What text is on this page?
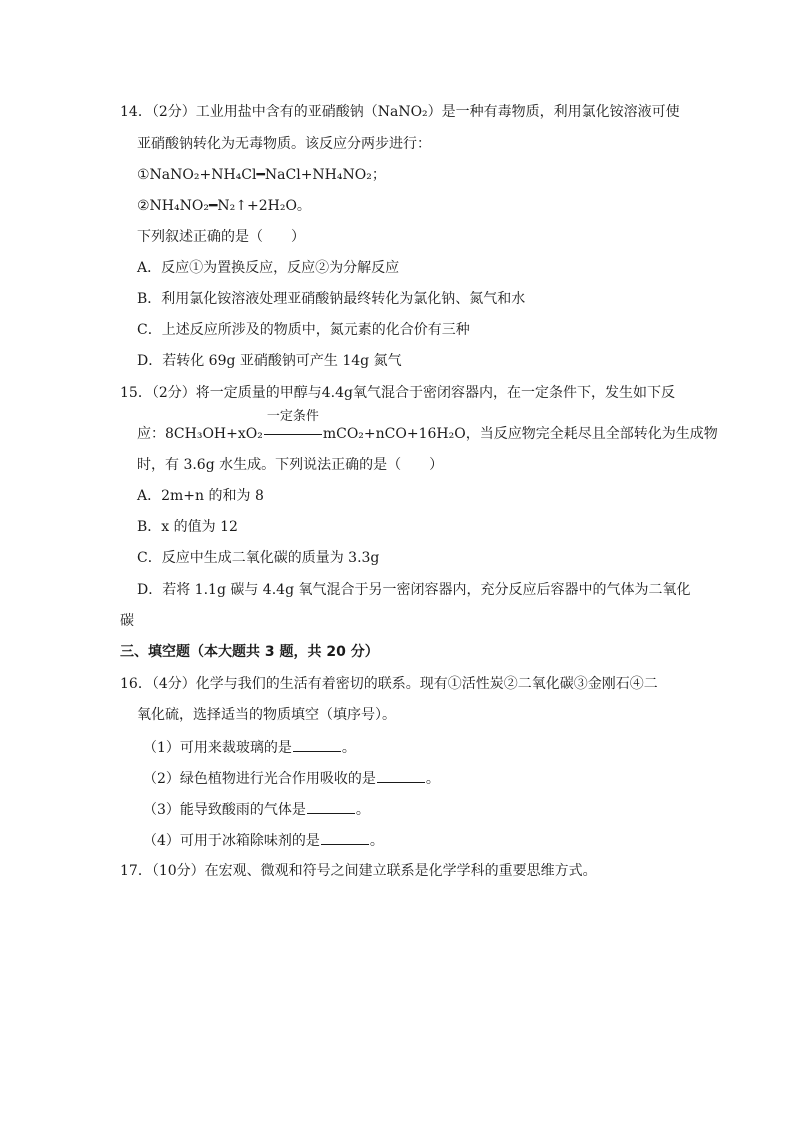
14．（2分）工业用盐中含有的亚硝酸钠（NaNO₂）是一种有毒物质，利用氯化铵溶液可使
亚硝酸钠转化为无毒物质。该反应分两步进行：
①NaNO₂+NH₄Cl━NaCl+NH₄NO₂；
②NH₄NO₂━N₂↑+2H₂O。
下列叙述正确的是（　　）
A．反应①为置换反应，反应②为分解反应
B．利用氯化铵溶液处理亚硝酸钠最终转化为氯化钠、氮气和水
C．上述反应所涉及的物质中，氮元素的化合价有三种
D．若转化 69g 亚硝酸钠可产生 14g 氮气
15．（2分）将一定质量的甲醇与4.4g氧气混合于密闭容器内，在一定条件下，发生如下反
应：8CH₃OH+xO₂
一定条件
mCO₂+nCO+16H₂O，当反应物完全耗尽且全部转化为生成物
时，有 3.6g 水生成。下列说法正确的是（　　）
A．2m+n 的和为 8
B．x 的值为 12
C．反应中生成二氧化碳的质量为 3.3g
D．若将 1.1g 碳与 4.4g 氧气混合于另一密闭容器内，充分反应后容器中的气体为二氧化
碳
三、填空题（本大题共 3 题，共 20 分）
16．（4分）化学与我们的生活有着密切的联系。现有①活性炭②二氧化碳③金刚石④二
氧化硫，选择适当的物质填空（填序号）。
（1）可用来裁玻璃的是	。
（2）绿色植物进行光合作用吸收的是	。
（3）能导致酸雨的气体是	。
（4）可用于冰箱除味剂的是	。
17．（10分）在宏观、微观和符号之间建立联系是化学学科的重要思维方式。
